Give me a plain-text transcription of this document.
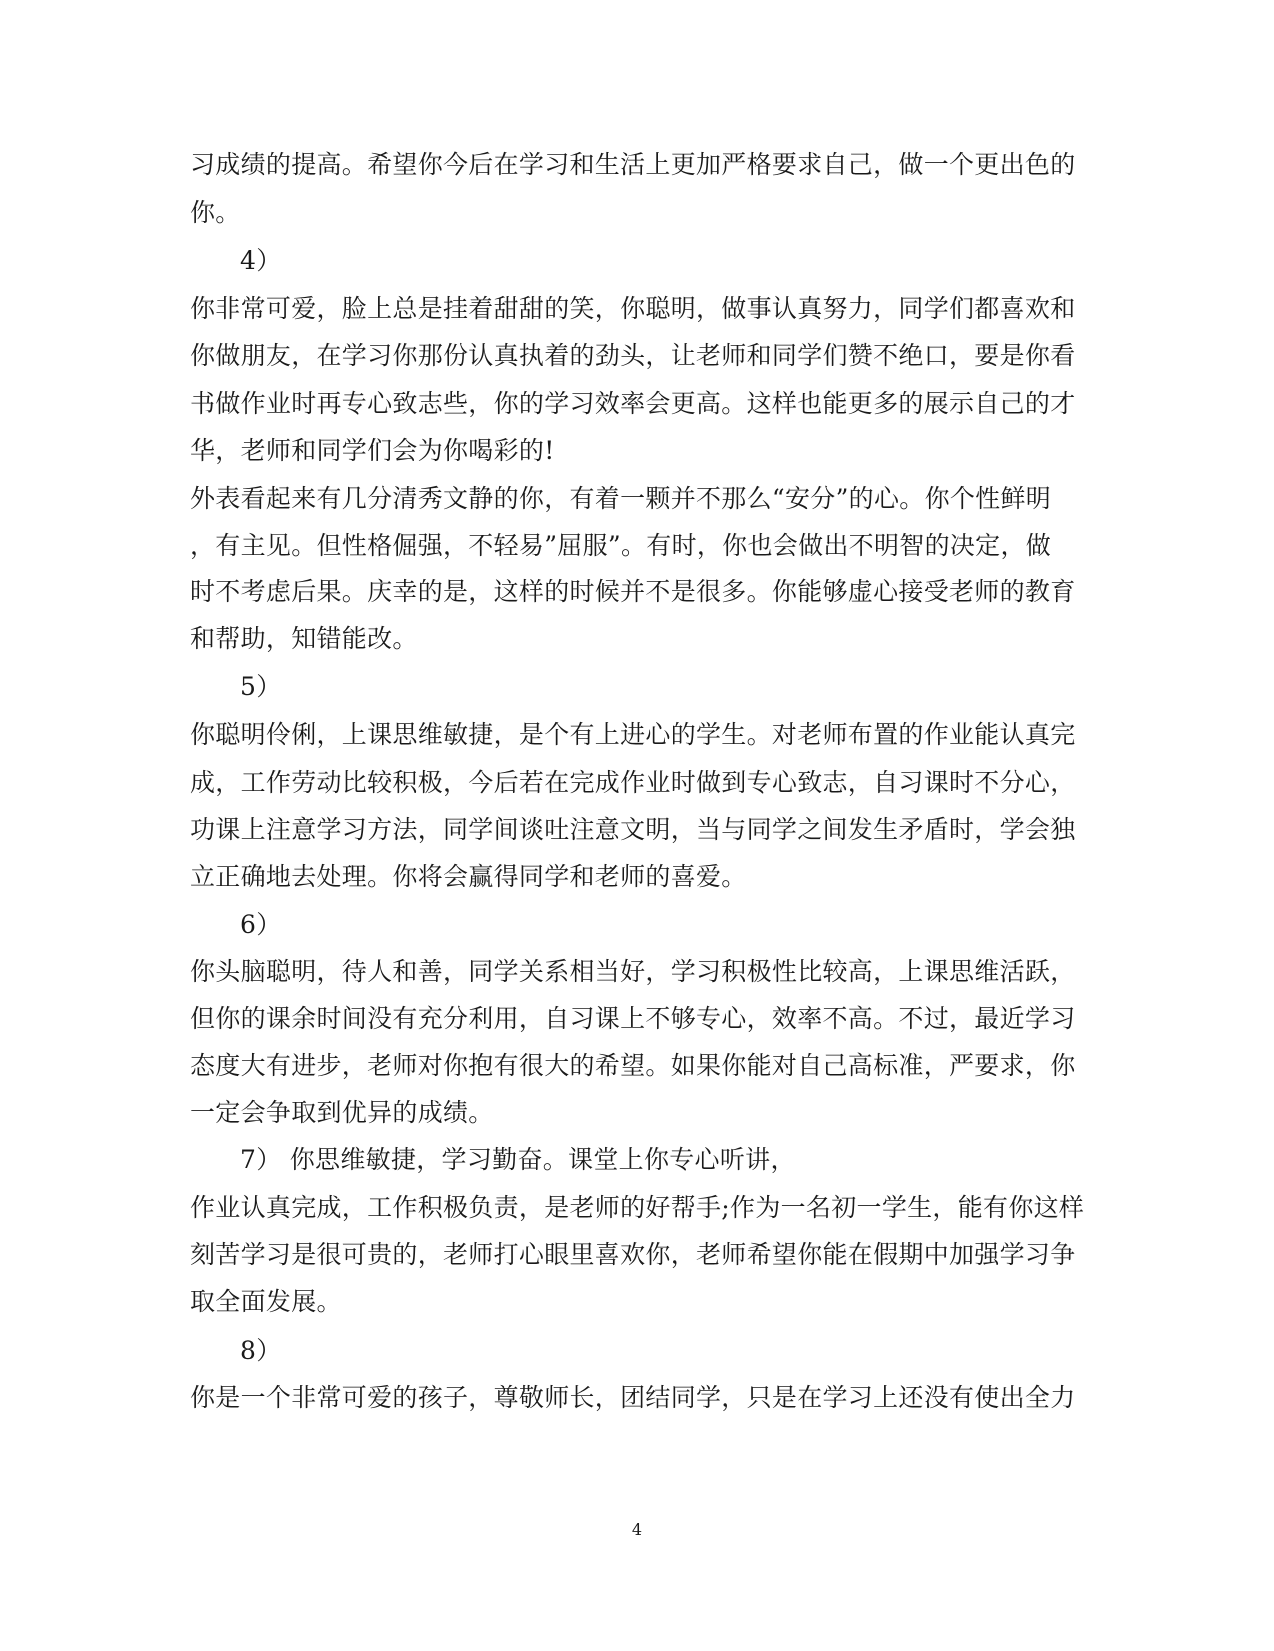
习成绩的提高。希望你今后在学习和生活上更加严格要求自己，做一个更出色的
你。
4）
你非常可爱，脸上总是挂着甜甜的笑，你聪明，做事认真努力，同学们都喜欢和
你做朋友，在学习你那份认真执着的劲头，让老师和同学们赞不绝口，要是你看
书做作业时再专心致志些，你的学习效率会更高。这样也能更多的展示自己的才
华，老师和同学们会为你喝彩的!
外表看起来有几分清秀文静的你，有着一颗并不那么“安分”的心。你个性鲜明
，有主见。但性格倔强，不轻易”屈服”。有时，你也会做出不明智的决定，做
时不考虑后果。庆幸的是，这样的时候并不是很多。你能够虚心接受老师的教育
和帮助，知错能改。
5）
你聪明伶俐，上课思维敏捷，是个有上进心的学生。对老师布置的作业能认真完
成，工作劳动比较积极，今后若在完成作业时做到专心致志，自习课时不分心，
功课上注意学习方法，同学间谈吐注意文明，当与同学之间发生矛盾时，学会独
立正确地去处理。你将会赢得同学和老师的喜爱。
6）
你头脑聪明，待人和善，同学关系相当好，学习积极性比较高，上课思维活跃，
但你的课余时间没有充分利用，自习课上不够专心，效率不高。不过，最近学习
态度大有进步，老师对你抱有很大的希望。如果你能对自己高标准，严要求，你
一定会争取到优异的成绩。
7） 你思维敏捷，学习勤奋。课堂上你专心听讲，
作业认真完成，工作积极负责，是老师的好帮手;作为一名初一学生，能有你这样
刻苦学习是很可贵的，老师打心眼里喜欢你，老师希望你能在假期中加强学习争
取全面发展。
8）
你是一个非常可爱的孩子，尊敬师长，团结同学，只是在学习上还没有使出全力
4
